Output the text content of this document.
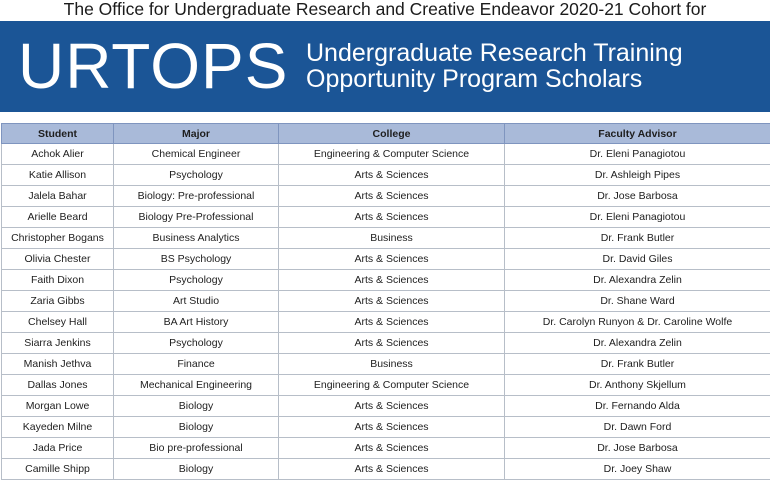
The Office for Undergraduate Research and Creative Endeavor 2020-21 Cohort for
URTOPS Undergraduate Research Training
Opportunity Program Scholars
Student	Major	College	Faculty Advisor
Achok Alier	Chemical Engineer	Engineering & Computer Science	Dr. Eleni Panagiotou
Katie Allison	Psychology	Arts & Sciences	Dr. Ashleigh Pipes
Jalela Bahar	Biology: Pre-professional	Arts & Sciences	Dr. Jose Barbosa
Arielle Beard	Biology Pre-Professional	Arts & Sciences	Dr. Eleni Panagiotou
Christopher Bogans	Business Analytics	Business	Dr. Frank Butler
Olivia Chester	BS Psychology	Arts & Sciences	Dr. David Giles
Faith Dixon	Psychology	Arts & Sciences	Dr. Alexandra Zelin
Zaria Gibbs	Art Studio	Arts & Sciences	Dr. Shane Ward
Chelsey Hall	BA Art History	Arts & Sciences	Dr. Carolyn Runyon & Dr. Caroline Wolfe
Siarra Jenkins	Psychology	Arts & Sciences	Dr. Alexandra Zelin
Manish Jethva	Finance	Business	Dr. Frank Butler
Dallas Jones	Mechanical Engineering	Engineering & Computer Science	Dr. Anthony Skjellum
Morgan Lowe	Biology	Arts & Sciences	Dr. Fernando Alda
Kayeden Milne	Biology	Arts & Sciences	Dr. Dawn Ford
Jada Price	Bio pre-professional	Arts & Sciences	Dr. Jose Barbosa
Camille Shipp	Biology	Arts & Sciences	Dr. Joey Shaw
